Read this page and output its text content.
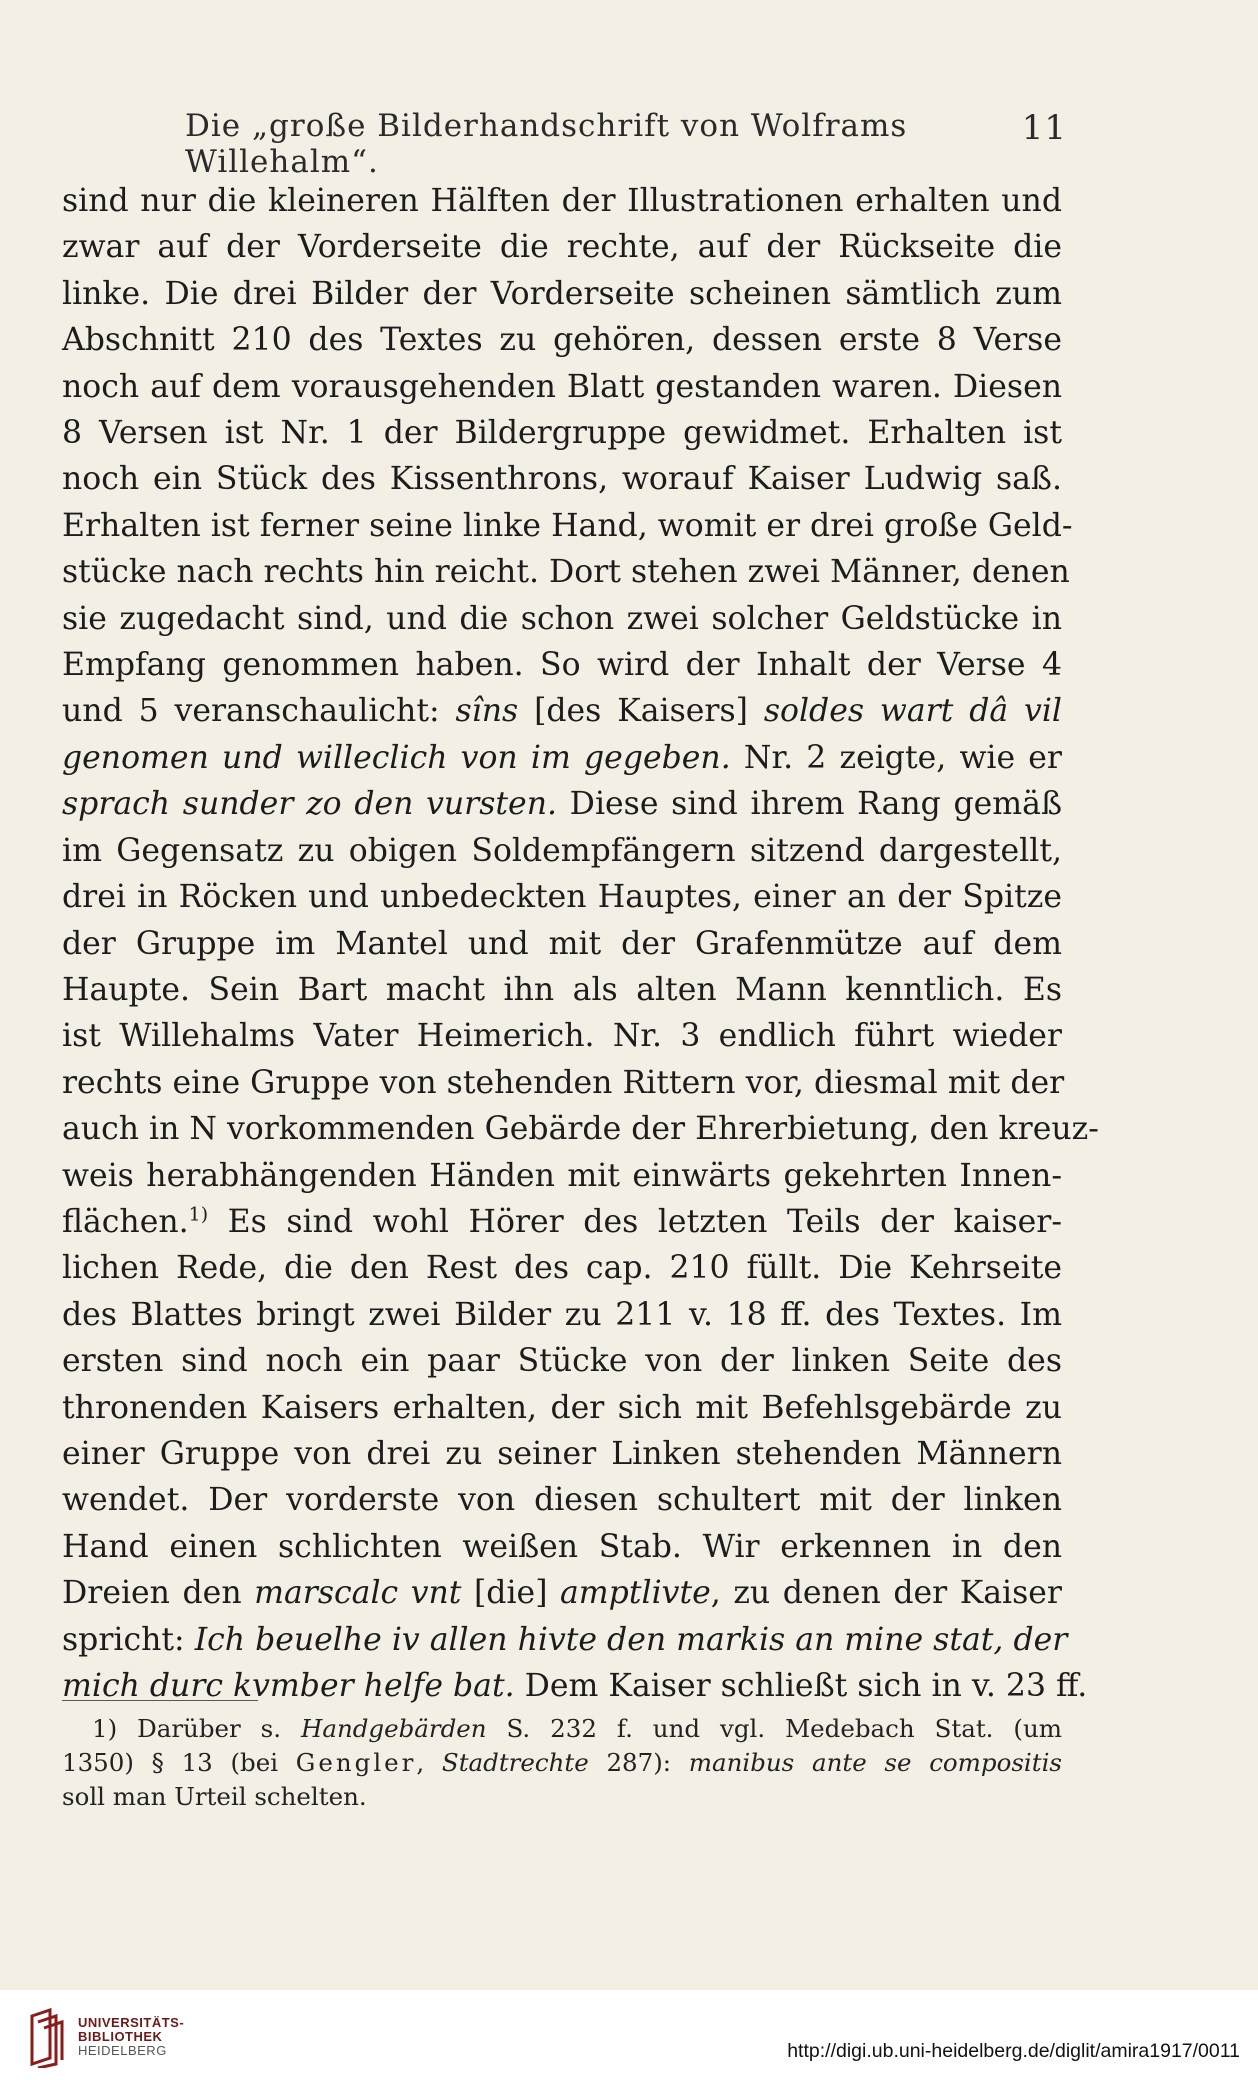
Die „große Bilderhandschrift von Wolframs Willehalm“.
11
sind nur die kleineren Hälften der Illustrationen erhalten und
zwar auf der Vorderseite die rechte, auf der Rückseite die
linke. Die drei Bilder der Vorderseite scheinen sämtlich zum
Abschnitt 210 des Textes zu gehören, dessen erste 8 Verse
noch auf dem vorausgehenden Blatt gestanden waren. Diesen
8 Versen ist Nr. 1 der Bildergruppe gewidmet. Erhalten ist
noch ein Stück des Kissenthrons, worauf Kaiser Ludwig saß.
Erhalten ist ferner seine linke Hand, womit er drei große Geld-
stücke nach rechts hin reicht. Dort stehen zwei Männer, denen
sie zugedacht sind, und die schon zwei solcher Geldstücke in
Empfang genommen haben. So wird der Inhalt der Verse 4
und 5 veranschaulicht: sîns [des Kaisers] soldes wart dâ vil
genomen und willeclich von im gegeben. Nr. 2 zeigte, wie er
sprach sunder zo den vursten. Diese sind ihrem Rang gemäß
im Gegensatz zu obigen Soldempfängern sitzend dargestellt,
drei in Röcken und unbedeckten Hauptes, einer an der Spitze
der Gruppe im Mantel und mit der Grafenmütze auf dem
Haupte. Sein Bart macht ihn als alten Mann kenntlich. Es
ist Willehalms Vater Heimerich. Nr. 3 endlich führt wieder
rechts eine Gruppe von stehenden Rittern vor, diesmal mit der
auch in N vorkommenden Gebärde der Ehrerbietung, den kreuz-
weis herabhängenden Händen mit einwärts gekehrten Innen-
flächen.$^{1)}$ Es sind wohl Hörer des letzten Teils der kaiser-
lichen Rede, die den Rest des cap. 210 füllt. Die Kehrseite
des Blattes bringt zwei Bilder zu 211 v. 18 ff. des Textes. Im
ersten sind noch ein paar Stücke von der linken Seite des
thronenden Kaisers erhalten, der sich mit Befehlsgebärde zu
einer Gruppe von drei zu seiner Linken stehenden Männern
wendet. Der vorderste von diesen schultert mit der linken
Hand einen schlichten weißen Stab. Wir erkennen in den
Dreien den marscalc vnt [die] amptlivte, zu denen der Kaiser
spricht: Ich beuelhe iv allen hivte den markis an mine stat, der
mich durc kvmber helfe bat. Dem Kaiser schließt sich in v. 23 ff.
1) Darüber s. Handgebärden S. 232 f. und vgl. Medebach Stat. (um
1350) § 13 (bei Gengler, Stadtrechte 287): manibus ante se compositis
soll man Urteil schelten.
UNIVERSITÄTS-
BIBLIOTHEK
HEIDELBERG	http://digi.ub.uni-heidelberg.de/diglit/amira1917/0011
